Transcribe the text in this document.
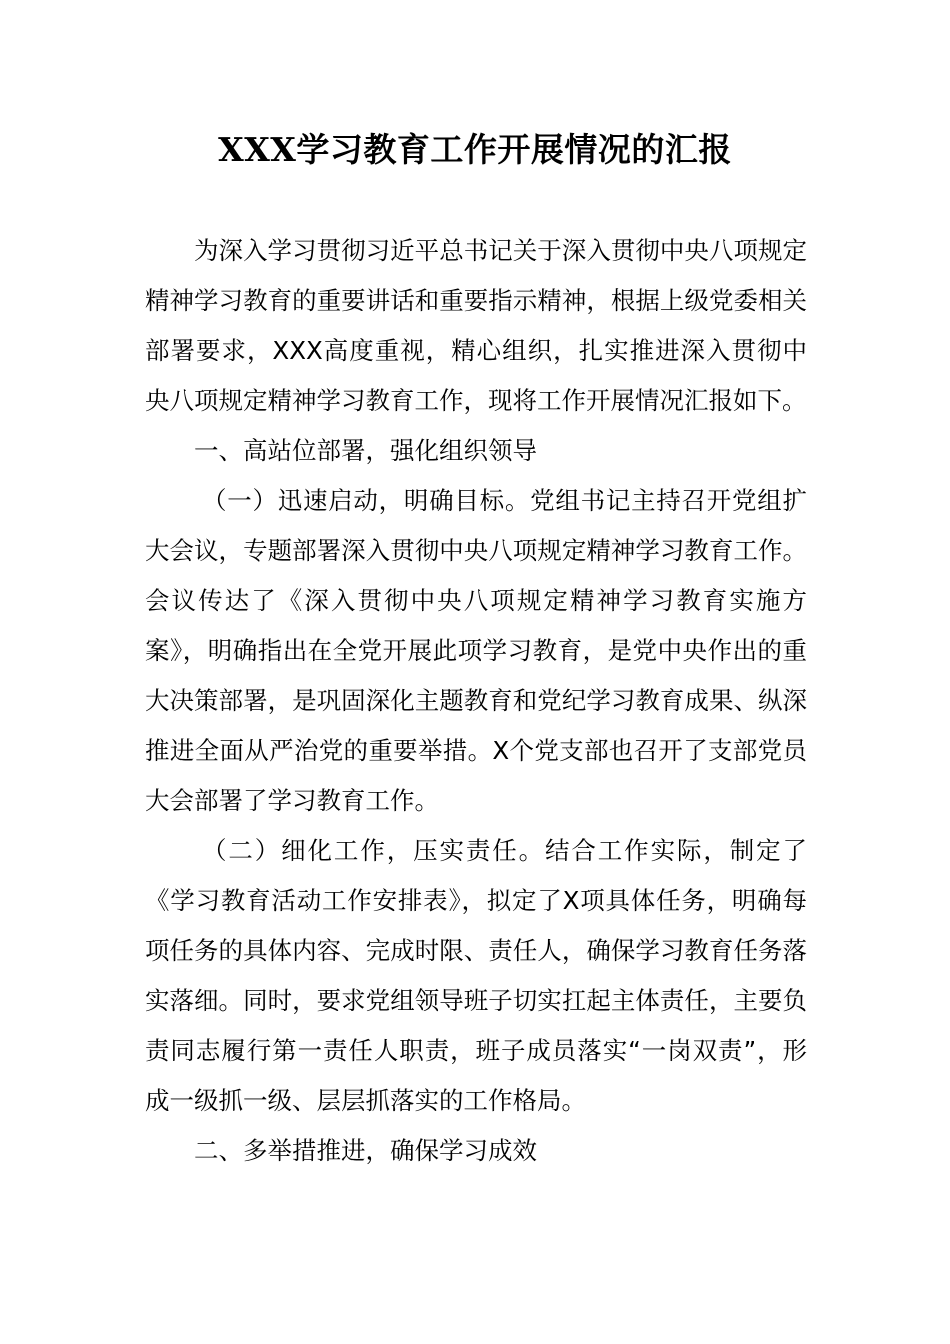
XXX学习教育工作开展情况的汇报

为深入学习贯彻习近平总书记关于深入贯彻中央八项规定精神学习教育的重要讲话和重要指示精神，根据上级党委相关部署要求，XXX高度重视，精心组织，扎实推进深入贯彻中央八项规定精神学习教育工作，现将工作开展情况汇报如下。

一、高站位部署，强化组织领导

（一）迅速启动，明确目标。党组书记主持召开党组扩大会议，专题部署深入贯彻中央八项规定精神学习教育工作。会议传达了《深入贯彻中央八项规定精神学习教育实施方案》，明确指出在全党开展此项学习教育，是党中央作出的重大决策部署，是巩固深化主题教育和党纪学习教育成果、纵深推进全面从严治党的重要举措。X个党支部也召开了支部党员大会部署了学习教育工作。

（二）细化工作，压实责任。结合工作实际，制定了《学习教育活动工作安排表》，拟定了X项具体任务，明确每项任务的具体内容、完成时限、责任人，确保学习教育任务落实落细。同时，要求党组领导班子切实扛起主体责任，主要负责同志履行第一责任人职责，班子成员落实“一岗双责”，形成一级抓一级、层层抓落实的工作格局。

二、多举措推进，确保学习成效
